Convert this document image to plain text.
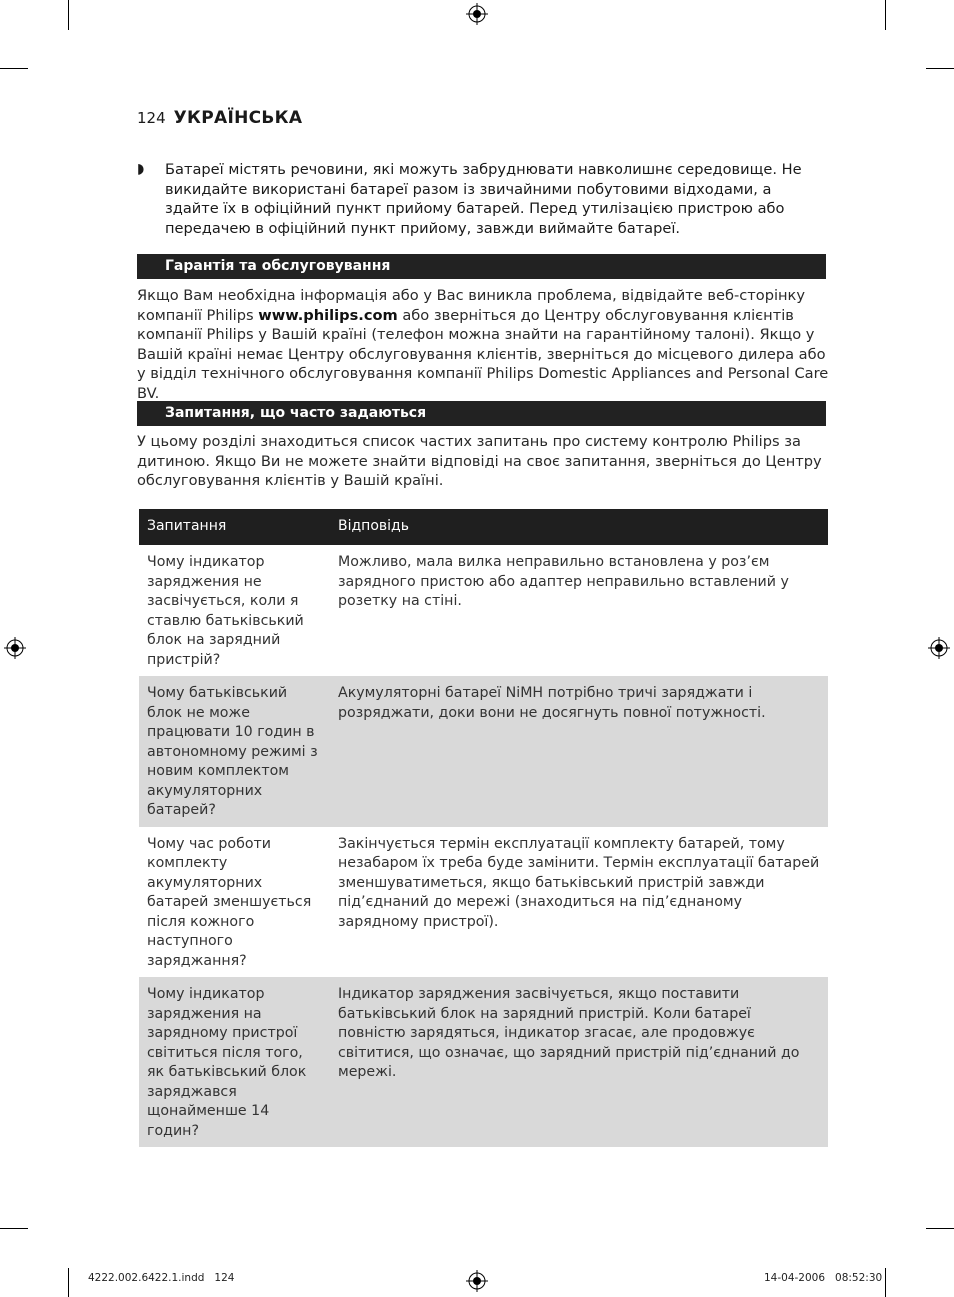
124 УКРАЇНСЬКА
◗	Батареї містять речовини, які можуть забруднювати навколишнє середовище. Не викидайте використані батареї разом із звичайними побутовими відходами, а здайте їх в офіційний пункт прийому батарей. Перед утилізацією пристрою або передачею в офіційний пункт прийому, завжди виймайте батареї.
Гарантія та обслуговування
Якщо Вам необхідна інформація або у Вас виникла проблема, відвідайте веб-сторінку компанії Philips www.philips.com або зверніться до Центру обслуговування клієнтів компанії Philips у Вашій країні (телефон можна знайти на гарантійному талоні). Якщо у Вашій країні немає Центру обслуговування клієнтів, зверніться до місцевого дилера або у відділ технічного обслуговування компанії Philips Domestic Appliances and Personal Care BV.
Запитання, що часто задаються
У цьому розділі знаходиться список частих запитань про систему контролю Philips за дитиною. Якщо Ви не можете знайти відповіді на своє запитання, зверніться до Центру обслуговування клієнтів у Вашій країні.
Запитання	Відповідь
Чому індикатор заряджения не засвічується, коли я ставлю батьківський блок на зарядний пристрій?	Можливо, мала вилка неправильно встановлена у роз’єм зарядного пристою або адаптер неправильно вставлений у розетку на стіні.
Чому батьківський блок не може працювати 10 годин в автономному режимі з новим комплектом акумуляторних батарей?	Акумуляторні батареї NiMH потрібно тричі заряджати і розряджати, доки вони не досягнуть повної потужності.
Чому час роботи комплекту акумуляторних батарей зменшується після кожного наступного заряджання?	Закінчується термін експлуатації комплекту батарей, тому незабаром їх треба буде замінити. Термін експлуатації батарей зменшуватиметься, якщо батьківський пристрій завжди під’єднаний до мережі (знаходиться на під’єднаному зарядному пристрої).
Чому індикатор заряджения на зарядному пристрої світиться після того, як батьківський блок заряджався щонайменше 14 годин?	Індикатор заряджения засвічується, якщо поставити батьківський блок на зарядний пристрій. Коли батареї повністю зарядяться, індикатор згасає, але продовжує світитися, що означає, що зарядний пристрій під’єднаний до мережі.
4222.002.6422.1.indd   124	14-04-2006   08:52:30
